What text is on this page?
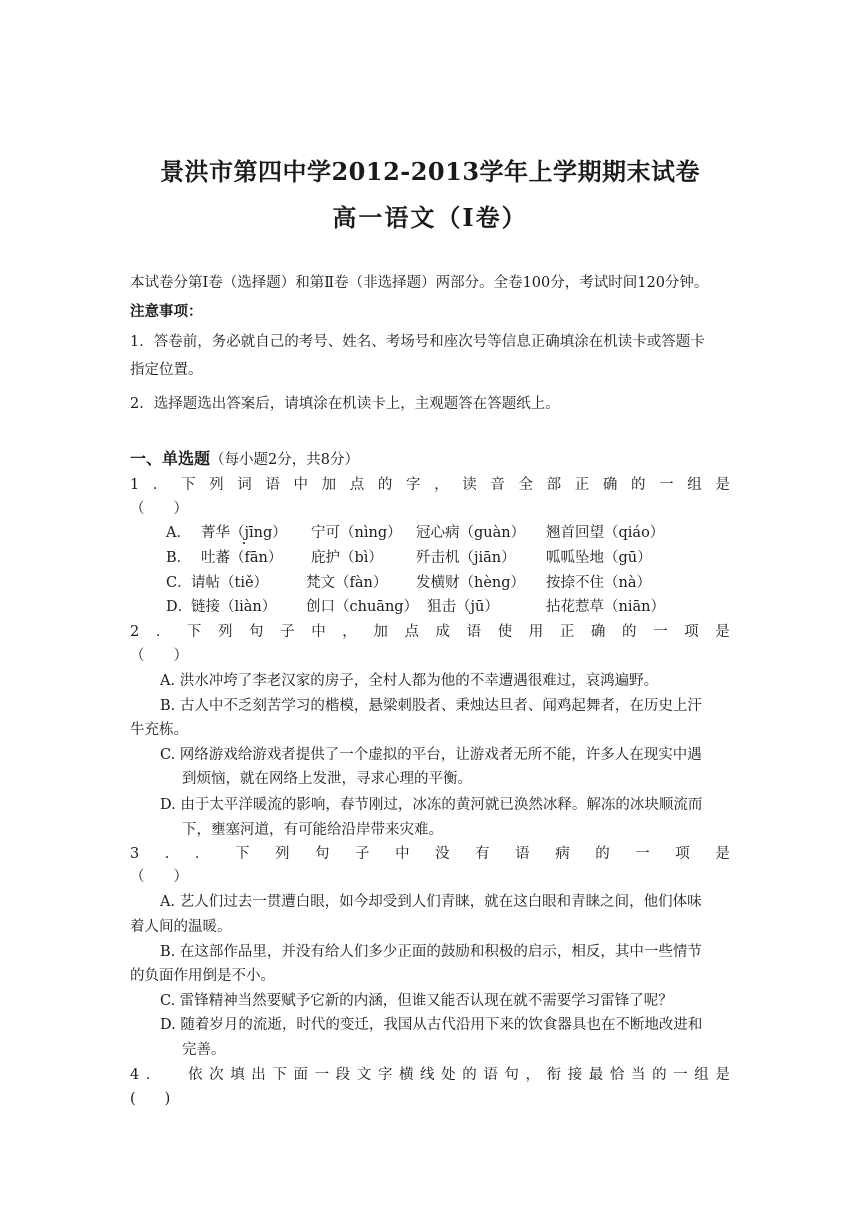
景洪市第四中学2012-2013学年上学期期末试卷
高一语文（Ⅰ卷）
本试卷分第Ⅰ卷（选择题）和第Ⅱ卷（非选择题）两部分。全卷100分，考试时间120分钟。
注意事项：
1．答卷前，务必就自己的考号、姓名、考场号和座次号等信息正确填涂在机读卡或答题卡
指定位置。
2．选择题选出答案后，请填涂在机读卡上，主观题答在答题纸上。
一、单选题（每小题2分，共8分）
1 ． 下 列 词 语 中 加 点 的 字 ， 读 音 全 部 正 确 的 一 组 是
（　　）
A． 菁华（jīng） 宁可（nìng） 冠心病（guàn） 翘首回望（qiáo）
B． 吐蕃（fān） 庇护（bì） 歼击机（jiān） 呱呱坠地（gū）
C． 请帖（tiě）	梵文（fàn） 发横财（hèng） 按捺不住（nà）
D．
链接（liàn） 创口（chuāng） 狙击（jū）	拈花惹草（niān）
2 ． 下 列 句 子 中 ， 加 点 成 语 使 用 正 确 的 一 项 是
（　　）
A. 洪水冲垮了李老汉家的房子，全村人都为他的不幸遭遇很难过，哀鸿遍野。
B. 古人中不乏刻苦学习的楷模，悬梁刺股者、秉烛达旦者、闻鸡起舞者，在历史上汗
牛充栋。
C. 网络游戏给游戏者提供了一个虚拟的平台，让游戏者无所不能，许多人在现实中遇
到烦恼，就在网络上发泄，寻求心理的平衡。
D. 由于太平洋暖流的影响，春节刚过，冰冻的黄河就已涣然冰释。解冻的冰块顺流而
下，壅塞河道，有可能给沿岸带来灾难。
3 . ． 下 列 句 子 中 没 有 语 病 的 一 项 是
（　　）
A. 艺人们过去一贯遭白眼，如今却受到人们青睐，就在这白眼和青睐之间，他们体味
着人间的温暖。
B. 在这部作品里，并没有给人们多少正面的鼓励和积极的启示，相反，其中一些情节
的负面作用倒是不小。
C. 雷锋精神当然要赋予它新的内涵，但谁又能否认现在就不需要学习雷锋了呢？
D. 随着岁月的流逝，时代的变迁，我国从古代沿用下来的饮食器具也在不断地改进和
完善。
4 ．
　 依 次 填 出 下 面 一 段 文 字 横 线 处 的 语 句 ， 衔 接 最 恰 当 的 一 组 是
(　　)
